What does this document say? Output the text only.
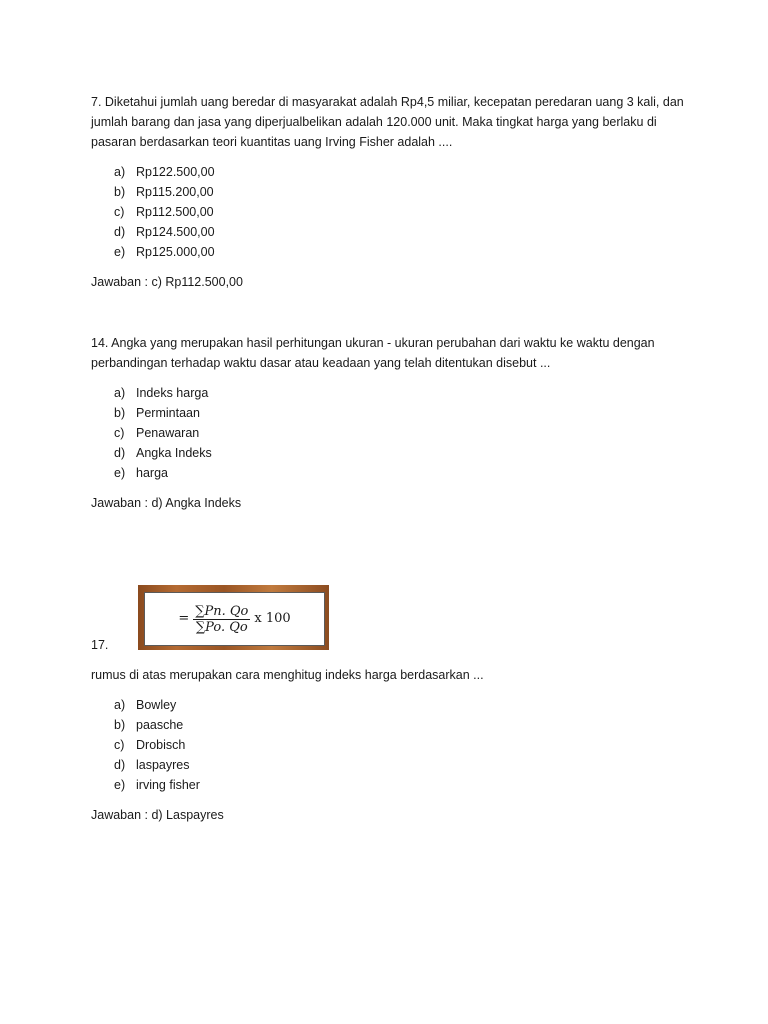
7. Diketahui jumlah uang beredar di masyarakat adalah Rp4,5 miliar, kecepatan peredaran uang 3 kali, dan jumlah barang dan jasa yang diperjualbelikan adalah 120.000 unit. Maka tingkat harga yang berlaku di pasaran berdasarkan teori kuantitas uang Irving Fisher adalah ....

a) Rp122.500,00
b) Rp115.200,00
c) Rp112.500,00
d) Rp124.500,00
e) Rp125.000,00

Jawaban : c) Rp112.500,00

14. Angka yang merupakan hasil perhitungan ukuran - ukuran perubahan dari waktu ke waktu dengan perbandingan terhadap waktu dasar atau keadaan yang telah ditentukan disebut ...

a) Indeks harga
b) Permintaan
c) Penawaran
d) Angka Indeks
e) harga

Jawaban : d) Angka Indeks

= $\frac{\sum Pn. Qo}{\sum Po. Qo}$ x 100

17.

rumus di atas merupakan cara menghitug indeks harga berdasarkan ...

a) Bowley
b) paasche
c) Drobisch
d) laspayres
e) irving fisher

Jawaban : d) Laspayres
